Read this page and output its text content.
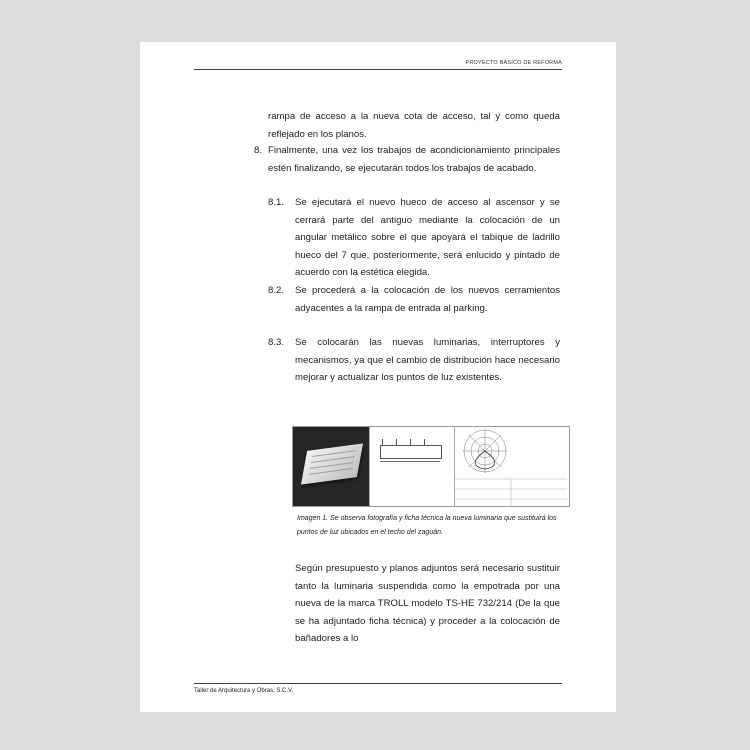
PROYECTO BÁSICO DE REFORMA
rampa de acceso a la nueva cota de acceso, tal y como queda reflejado en los planos.
8. Finalmente, una vez los trabajos de acondicionamiento principales estén finalizando, se ejecutarán todos los trabajos de acabado.
8.1. Se ejecutará el nuevo hueco de acceso al ascensor y se cerrará parte del antiguo mediante la colocación de un angular metálico sobre el que apoyará el tabique de ladrillo hueco del 7 que, posteriormente, será enlucido y pintado de acuerdo con la estética elegida.
8.2. Se procederá a la colocación de los nuevos cerramientos adyacentes a la rampa de entrada al parking.
8.3. Se colocarán las nuevas luminarias, interruptores y mecanismos, ya que el cambio de distribución hace necesario mejorar y actualizar los puntos de luz existentes.
Imagen 1. Se observa fotografía y ficha técnica la nueva luminaria que sustituirá los puntos de luz ubicados en el techo del zaguán.
Según presupuesto y planos adjuntos será necesario sustituir tanto la luminaria suspendida como la empotrada por una nueva de la marca TROLL modelo TS-HE 732/214 (De la que se ha adjuntado ficha técnica) y proceder a la colocación de bañadores a lo
Taller de Arquitectura y Obras, S.C.V.
